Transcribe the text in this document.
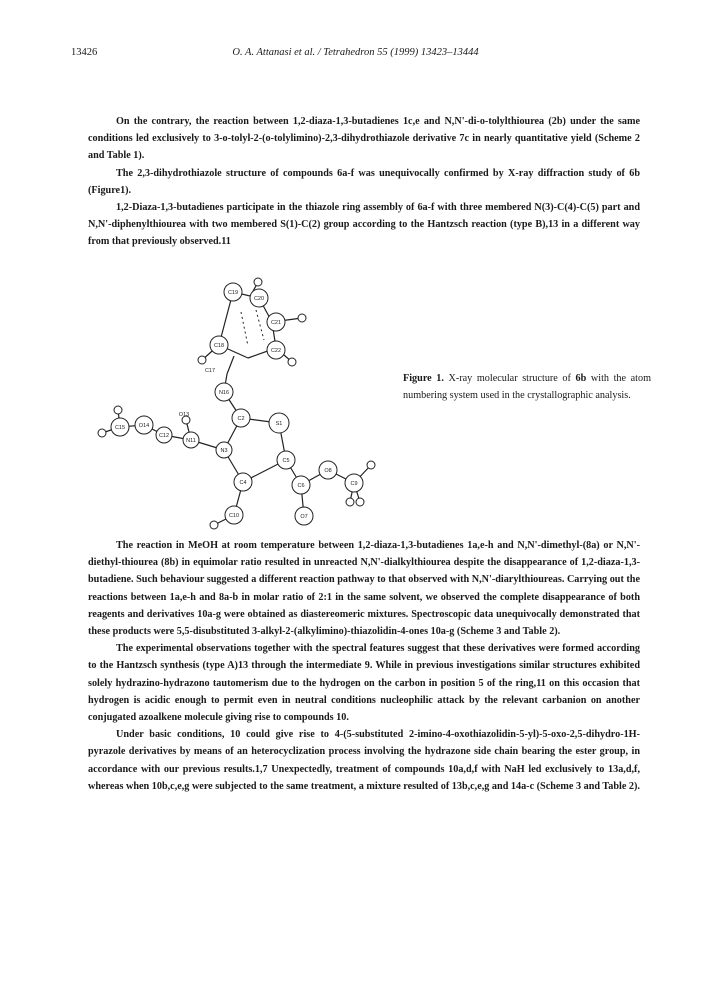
13426	O. A. Attanasi et al. / Tetrahedron 55 (1999) 13423–13444

On the contrary, the reaction between 1,2-diaza-1,3-butadienes 1c,e and N,N'-di-o-tolylthiourea (2b) under the same conditions led exclusively to 3-o-tolyl-2-(o-tolylimino)-2,3-dihydrothiazole derivative 7c in nearly quantitative yield (Scheme 2 and Table 1).

The 2,3-dihydrothiazole structure of compounds 6a-f was unequivocally confirmed by X-ray diffraction study of 6b (Figure1).

1,2-Diaza-1,3-butadienes participate in the thiazole ring assembly of 6a-f with three membered N(3)-C(4)-C(5) part and N,N'-diphenylthiourea with two membered S(1)-C(2) group according to the Hantzsch reaction (type B),13 in a different way from that previously observed.11

C19
C20
C21
C18
C22
C17
N16
C2
S1
O13
C15	O14
C12
N11
N3
C5
O8
C4	C6	C9
C10	O7
Figure 1. X-ray molecular structure of 6b with the atom numbering system used in the crystallographic analysis.

The reaction in MeOH at room temperature between 1,2-diaza-1,3-butadienes 1a,e-h and N,N'-dimethyl-(8a) or N,N'-diethyl-thiourea (8b) in equimolar ratio resulted in unreacted N,N'-dialkylthiourea despite the disappearance of 1,2-diaza-1,3-butadiene. Such behaviour suggested a different reaction pathway to that observed with N,N'-diarylthioureas. Carrying out the reactions between 1a,e-h and 8a-b in molar ratio of 2:1 in the same solvent, we observed the complete disappearance of both reagents and derivatives 10a-g were obtained as diastereomeric mixtures. Spectroscopic data unequivocally demonstrated that these products were 5,5-disubstituted 3-alkyl-2-(alkylimino)-thiazolidin-4-ones 10a-g (Scheme 3 and Table 2).

The experimental observations together with the spectral features suggest that these derivatives were formed according to the Hantzsch synthesis (type A)13 through the intermediate 9. While in previous investigations similar structures exhibited solely hydrazino-hydrazono tautomerism due to the hydrogen on the carbon in position 5 of the ring,11 on this occasion that hydrogen is acidic enough to permit even in neutral conditions nucleophilic attack by the relevant carbanion on another conjugated azoalkene molecule giving rise to compounds 10.

Under basic conditions, 10 could give rise to 4-(5-substituted 2-imino-4-oxothiazolidin-5-yl)-5-oxo-2,5-dihydro-1H-pyrazole derivatives by means of an heterocyclization process involving the hydrazone side chain bearing the ester group, in accordance with our previous results.1,7 Unexpectedly, treatment of compounds 10a,d,f with NaH led exclusively to 13a,d,f, whereas when 10b,c,e,g were subjected to the same treatment, a mixture resulted of 13b,c,e,g and 14a-c (Scheme 3 and Table 2).
